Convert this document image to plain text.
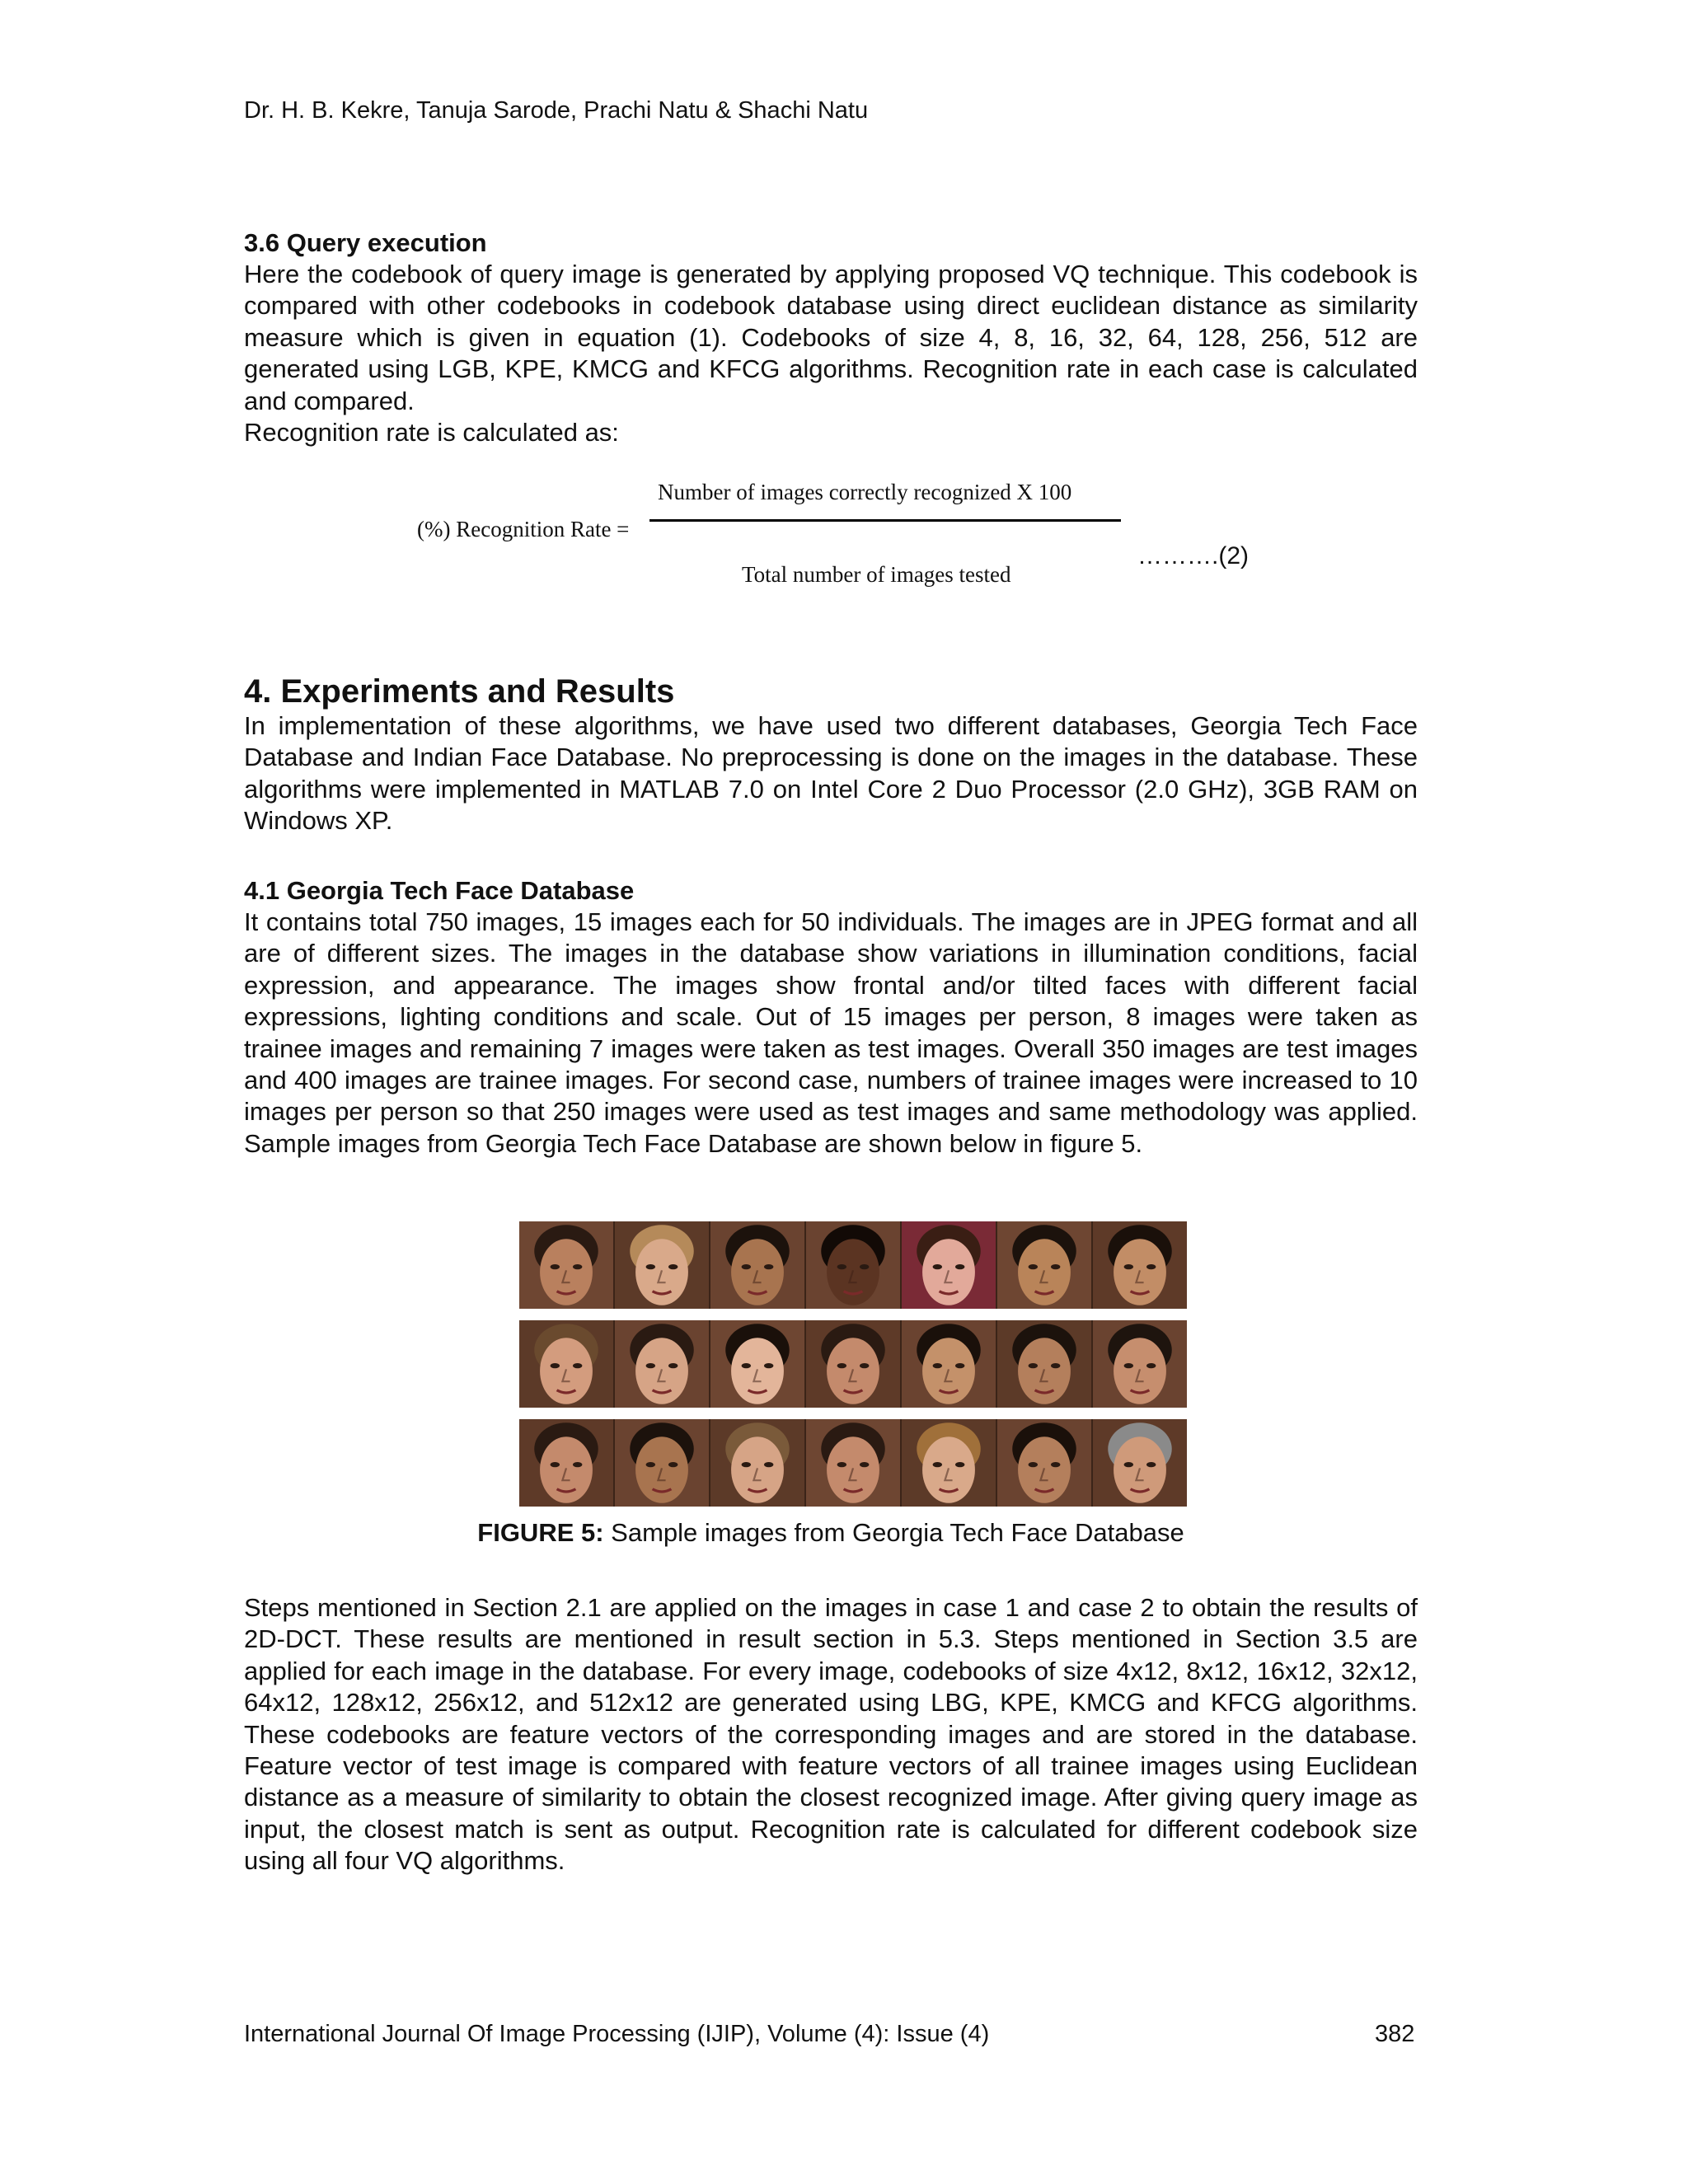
Dr. H. B. Kekre, Tanuja Sarode, Prachi Natu & Shachi Natu
3.6 Query execution

Here the codebook of query image is generated by applying proposed VQ technique. This codebook is compared with other codebooks in codebook database using direct euclidean distance as similarity measure which is given in equation (1). Codebooks of size 4, 8, 16, 32, 64, 128, 256, 512 are generated using LGB, KPE, KMCG and KFCG algorithms. Recognition rate in each case is calculated and compared.

Recognition rate is calculated as:

Number of images correctly recognized X 100
(%) Recognition Rate =
Total number of images tested
……….(2)
4. Experiments and Results

In implementation of these algorithms, we have used two different databases, Georgia Tech Face Database and Indian Face Database. No preprocessing is done on the images in the database. These algorithms were implemented in MATLAB 7.0 on Intel Core 2 Duo Processor (2.0 GHz), 3GB RAM on Windows XP.

4.1 Georgia Tech Face Database

It contains total 750 images, 15 images each for 50 individuals. The images are in JPEG format and all are of different sizes. The images in the database show variations in illumination conditions, facial expression, and appearance. The images show frontal and/or tilted faces with different facial expressions, lighting conditions and scale. Out of 15 images per person, 8 images were taken as trainee images and remaining 7 images were taken as test images. Overall 350 images are test images and 400 images are trainee images. For second case, numbers of trainee images were increased to 10 images per person so that 250 images were used as test images and same methodology was applied. Sample images from Georgia Tech Face Database are shown below in figure 5.

FIGURE 5: Sample images from Georgia Tech Face Database

Steps mentioned in Section 2.1 are applied on the images in case 1 and case 2 to obtain the results of 2D-DCT. These results are mentioned in result section in 5.3. Steps mentioned in Section 3.5 are applied for each image in the database. For every image, codebooks of size 4x12, 8x12, 16x12, 32x12, 64x12, 128x12, 256x12, and 512x12 are generated using LBG, KPE, KMCG and KFCG algorithms. These codebooks are feature vectors of the corresponding images and are stored in the database. Feature vector of test image is compared with feature vectors of all trainee images using Euclidean distance as a measure of similarity to obtain the closest recognized image. After giving query image as input, the closest match is sent as output. Recognition rate is calculated for different codebook size using all four VQ algorithms.

International Journal Of Image Processing (IJIP), Volume (4): Issue (4)	382
